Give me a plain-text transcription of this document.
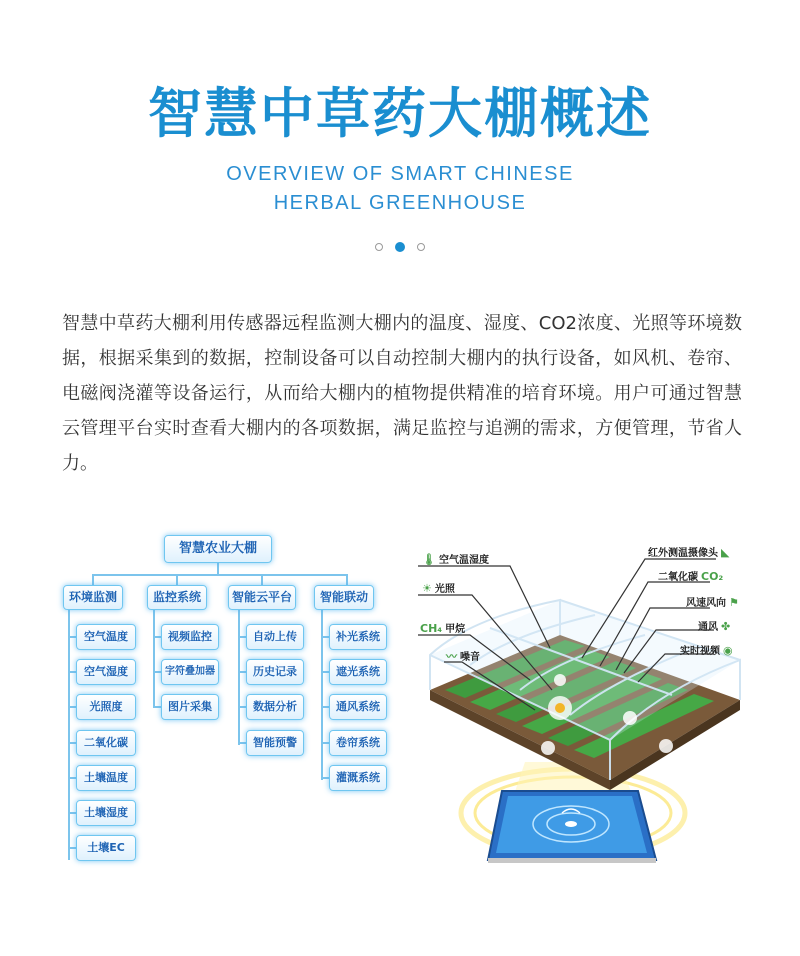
智慧中草药大棚概述
OVERVIEW OF SMART CHINESE
HERBAL GREENHOUSE
智慧中草药大棚利用传感器远程监测大棚内的温度、湿度、CO2浓度、光照等环境数据，根据采集到的数据，控制设备可以自动控制大棚内的执行设备，如风机、卷帘、电磁阀浇灌等设备运行，从而给大棚内的植物提供精准的培育环境。用户可通过智慧云管理平台实时查看大棚内的各项数据，满足监控与追溯的需求，方便管理，节省人力。
智慧农业大棚
环境监测	监控系统	智能云平台	智能联动
空气温度
空气湿度
光照度
二氧化碳
土壤温度
土壤湿度
土壤EC
视频监控
字符叠加器
图片采集
自动上传
历史记录
数据分析
智能预警
补光系统
遮光系统
通风系统
卷帘系统
灌溉系统
🌡 空气温湿度
☀ 光照
CH₄ 甲烷
〰 噪音
红外测温摄像头 ◣
二氧化碳 CO₂
风速风向 ⚑
通风 ✤
实时视频 ◉
